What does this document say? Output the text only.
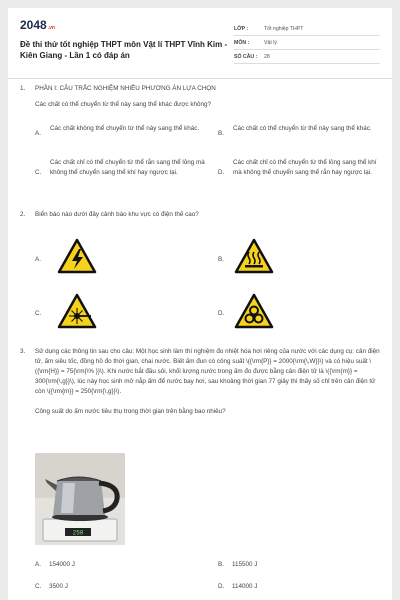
2048.vn
Đề thi thử tốt nghiệp THPT môn Vật lí THPT Vĩnh Kim - Kiên Giang - Lần 1 có đáp án
LỚP :	Tốt nghiệp THPT
MÔN :	Vật lý
SỐ CÂU :	28
1.	PHẦN I: CÂU TRẮC NGHIỆM NHIỀU PHƯƠNG ÁN LỰA CHỌN
Các chất có thể chuyển từ thể này sang thể khác được không?
A.
Các chất không thể chuyển từ thể này sang thể khác.
B.
Các chất có thể chuyển từ thể này sang thể khác.
C.
Các chất chỉ có thể chuyển từ thể rắn sang thể lỏng mà không thể chuyển sang thể khí hay ngược lại.	D.
Các chất chỉ có thể chuyển từ thể lỏng sang thể khí mà không thể chuyển sang thể rắn hay ngược lại.
2.	Biển báo nào dưới đây cảnh báo khu vực có điện thế cao?
A.	B.
C.	D.
3.	Sử dụng các thông tin sau cho câu: Một học sinh làm thí nghiệm đo nhiệt hóa hơi riêng của nước với các dụng cụ: cân điện tử, ấm siêu tốc, đồng hồ đo thời gian, chai nước. Biết ấm đun có công suất \({\rm{P}} = 2000{\rm{\,W}}\) và có hiệu suất \({\rm{H}} = 75{\rm{\% }}\). Khi nước bắt đầu sôi, khối lượng nước trong ấm đo được bằng cân điện tử là \({\rm{m}} = 300{\rm{\,g}}\), lúc này học sinh mở nắp ấm để nước bay hơi, sau khoảng thời gian 77 giây thì thấy số chỉ trên cân điện tử còn \({\rm{m}} = 250{\rm{\,g}}\).
Công suất do ấm nước tiêu thụ trong thời gian trên bằng bao nhiêu?
250
A.	154000 J	B.	115500 J
C.	3500 J	D.	114000 J
